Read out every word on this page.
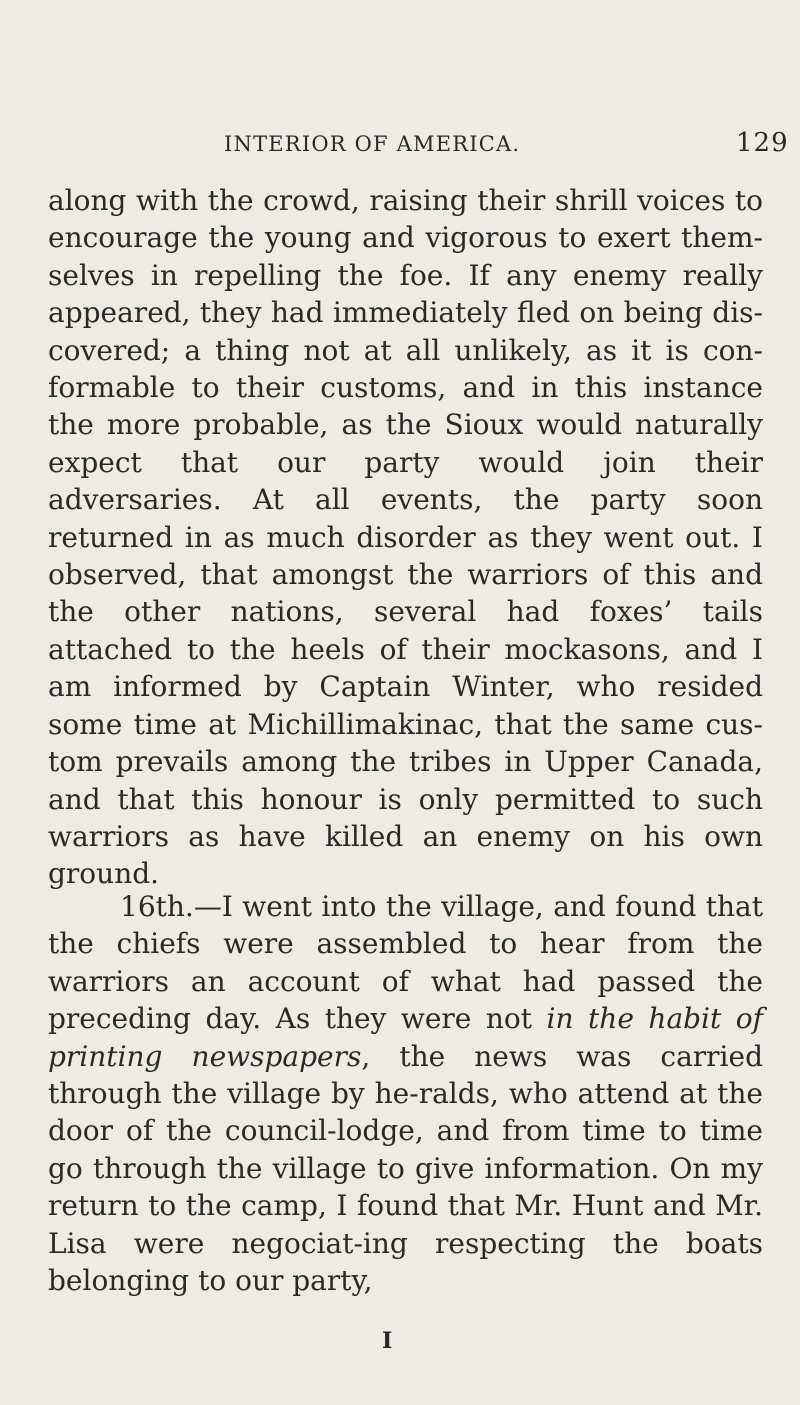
INTERIOR OF AMERICA.	129

along with the crowd, raising their shrill voices to encourage the young and vigorous to exert them-selves in repelling the foe. If any enemy really appeared, they had immediately fled on being dis-covered; a thing not at all unlikely, as it is con-formable to their customs, and in this instance the more probable, as the Sioux would naturally expect that our party would join their adversaries. At all events, the party soon returned in as much disorder as they went out. I observed, that amongst the warriors of this and the other nations, several had foxes’ tails attached to the heels of their mockasons, and I am informed by Captain Winter, who resided some time at Michillimakinac, that the same cus-tom prevails among the tribes in Upper Canada, and that this honour is only permitted to such warriors as have killed an enemy on his own ground.

16th.—I went into the village, and found that the chiefs were assembled to hear from the warriors an account of what had passed the preceding day. As they were not in the habit of printing newspapers, the news was carried through the village by he-ralds, who attend at the door of the council-lodge, and from time to time go through the village to give information. On my return to the camp, I found that Mr. Hunt and Mr. Lisa were negociat-ing respecting the boats belonging to our party,

I
